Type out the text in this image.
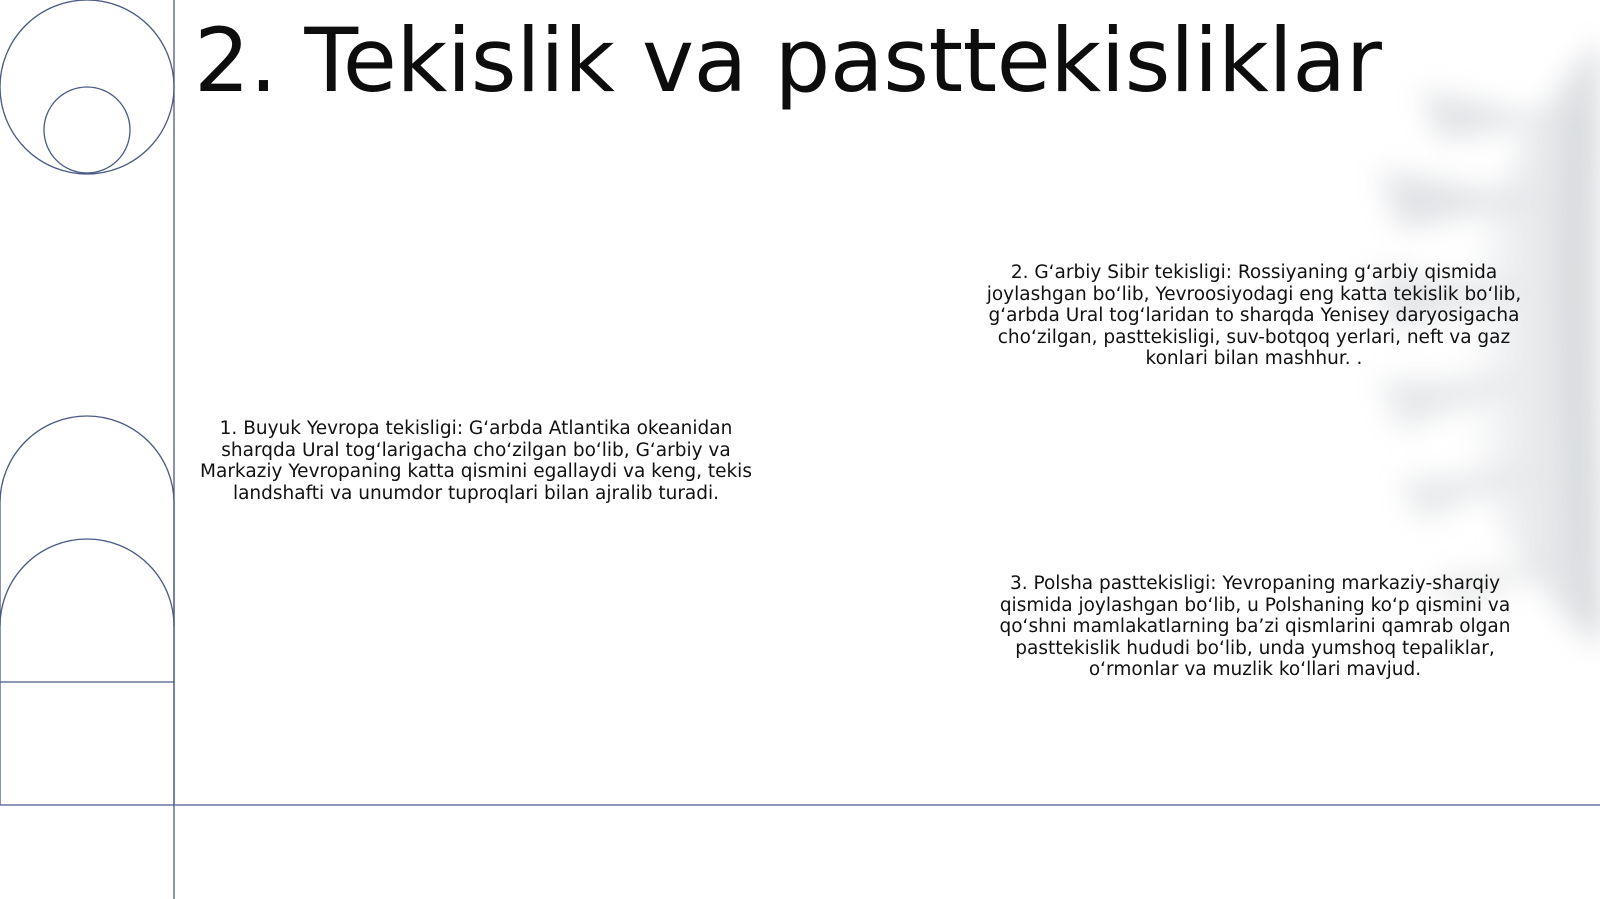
2. Tekislik va pasttekisliklar

1. Buyuk Yevropa tekisligi: G‘arbda Atlantika okeanidan sharqda Ural tog‘larigacha cho‘zilgan bo‘lib, G‘arbiy va Markaziy Yevropaning katta qismini egallaydi va keng, tekis landshafti va unumdor tuproqlari bilan ajralib turadi.

2. G‘arbiy Sibir tekisligi: Rossiyaning g‘arbiy qismida joylashgan bo‘lib, Yevroosiyodagi eng katta tekislik bo‘lib, g‘arbda Ural tog‘laridan to sharqda Yenisey daryosigacha cho‘zilgan, pasttekisligi, suv-botqoq yerlari, neft va gaz konlari bilan mashhur. .

3. Polsha pasttekisligi: Yevropaning markaziy-sharqiy qismida joylashgan bo‘lib, u Polshaning ko‘p qismini va qo‘shni mamlakatlarning ba’zi qismlarini qamrab olgan pasttekislik hududi bo‘lib, unda yumshoq tepaliklar, o‘rmonlar va muzlik ko‘llari mavjud.
